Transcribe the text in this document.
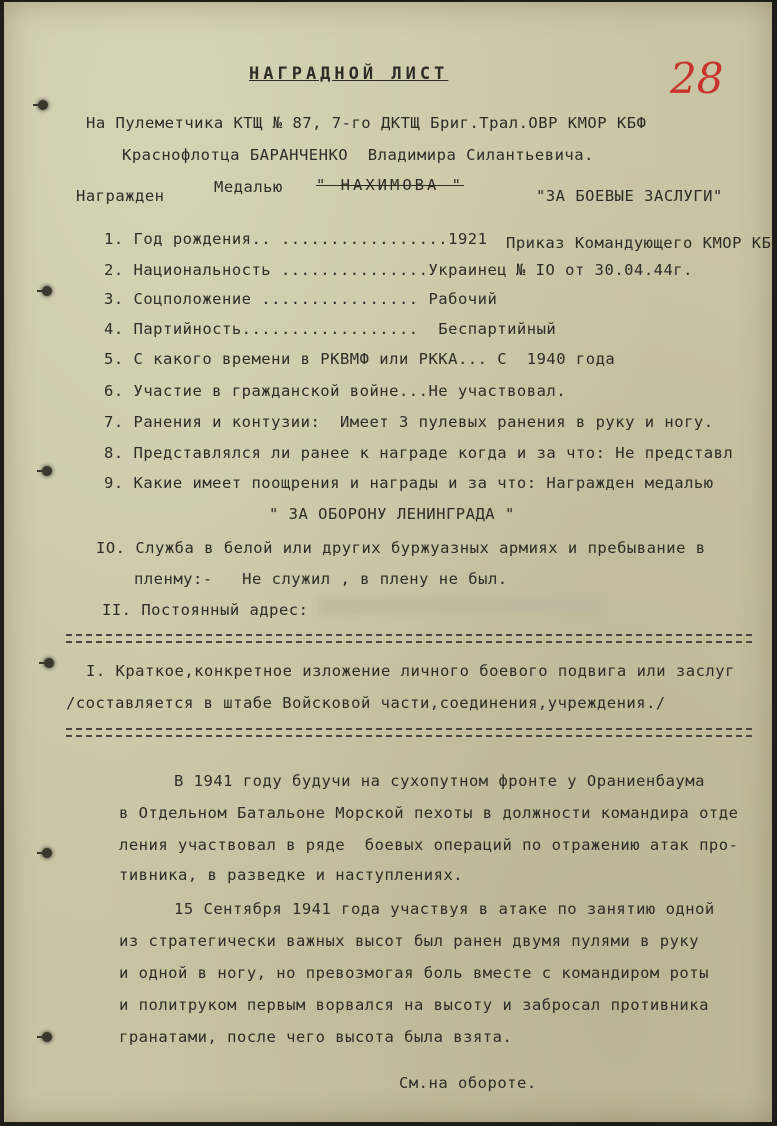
НАГРАДНОЙ ЛИСТ	28
На Пулеметчика КТЩ № 87, 7-го ДКТЩ Бриг.Трал.ОВР КМОР КБФ
Краснофлотца БАРАНЧЕНКО  Владимира Силантьевича.
Награжден	Медалью " НАХИМОВА "
"ЗА БОЕВЫЕ ЗАСЛУГИ"
1. Год рождения.. .................1921 Приказ Командующего КМОР КБ
2. Национальность ...............Украинец № IO от 30.04.44г.
3. Соцположение ................ Рабочий
4. Партийность..................  Беспартийный
5. С какого времени в РКВМФ или РККА... С  1940 года
6. Участие в гражданской войне...Не участвовал.
7. Ранения и контузии:  Имеет 3 пулевых ранения в руку и ногу.
8. Представлялся ли ранее к награде когда и за что: Не представл
9. Какие имеет поощрения и награды и за что: Награжден медалью
" ЗА ОБОРОНУ ЛЕНИНГРАДА "
IO. Служба в белой или других буржуазных армиях и пребывание в
пленму:-   Не служил , в плену не был.
II. Постоянный адрес:
I. Краткое,конкретное изложение личного боевого подвига или заслуг
/составляется в штабе Войсковой части,соединения,учреждения./
В 1941 году будучи на сухопутном фронте у Ораниенбаума
в Отдельном Батальоне Морской пехоты в должности командира отде
ления участвовал в ряде  боевых операций по отражению атак про-
тивника, в разведке и наступлениях.
15 Сентября 1941 года участвуя в атаке по занятию одной
из стратегически важных высот был ранен двумя пулями в руку
и одной в ногу, но превозмогая боль вместе с командиром роты
и политруком первым ворвался на высоту и забросал противника
гранатами, после чего высота была взята.
См.на обороте.
